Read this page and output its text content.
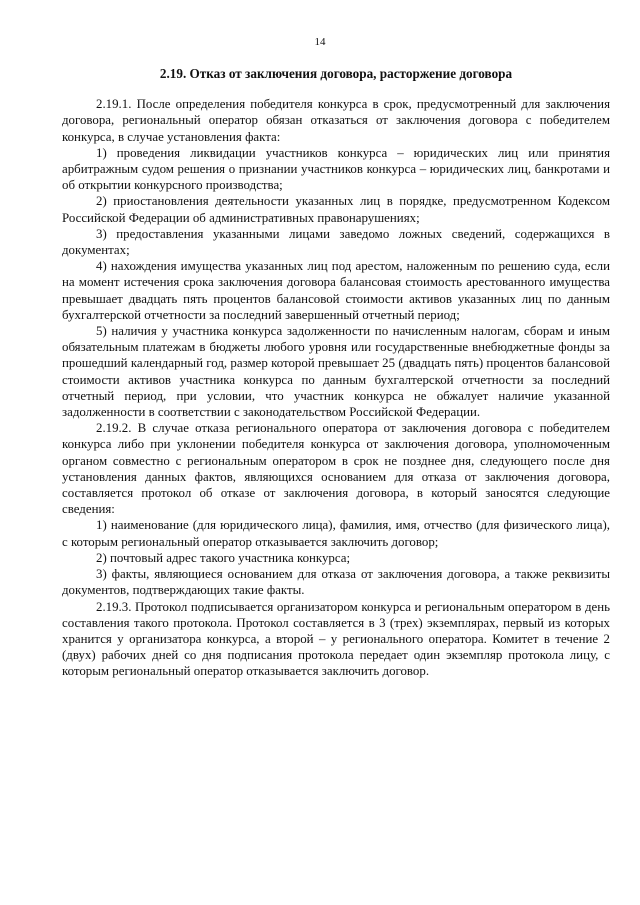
14
2.19. Отказ от заключения договора, расторжение договора

2.19.1. После определения победителя конкурса в срок, предусмотренный для заключения договора, региональный оператор обязан отказаться от заключения договора с победителем конкурса, в случае установления факта:

1) проведения ликвидации участников конкурса – юридических лиц или принятия арбитражным судом решения о признании участников конкурса – юридических лиц, банкротами и об открытии конкурсного производства;

2) приостановления деятельности указанных лиц в порядке, предусмотренном Кодексом Российской Федерации об административных правонарушениях;

3) предоставления указанными лицами заведомо ложных сведений, содержащихся в документах;

4) нахождения имущества указанных лиц под арестом, наложенным по решению суда, если на момент истечения срока заключения договора балансовая стоимость арестованного имущества превышает двадцать пять процентов балансовой стоимости активов указанных лиц по данным бухгалтерской отчетности за последний завершенный отчетный период;

5) наличия у участника конкурса задолженности по начисленным налогам, сборам и иным обязательным платежам в бюджеты любого уровня или государственные внебюджетные фонды за прошедший календарный год, размер которой превышает 25 (двадцать пять) процентов балансовой стоимости активов участника конкурса по данным бухгалтерской отчетности за последний отчетный период, при условии, что участник конкурса не обжалует наличие указанной задолженности в соответствии с законодательством Российской Федерации.

2.19.2. В случае отказа регионального оператора от заключения договора с победителем конкурса либо при уклонении победителя конкурса от заключения договора, уполномоченным органом совместно с региональным оператором в срок не позднее дня, следующего после дня установления данных фактов, являющихся основанием для отказа от заключения договора, составляется протокол об отказе от заключения договора, в который заносятся следующие сведения:

1) наименование (для юридического лица), фамилия, имя, отчество (для физического лица), с которым региональный оператор отказывается заключить договор;

2) почтовый адрес такого участника конкурса;

3) факты, являющиеся основанием для отказа от заключения договора, а также реквизиты документов, подтверждающих такие факты.

2.19.3. Протокол подписывается организатором конкурса и региональным оператором в день составления такого протокола. Протокол составляется в 3 (трех) экземплярах, первый из которых хранится у организатора конкурса, а второй – у регионального оператора. Комитет в течение 2 (двух) рабочих дней со дня подписания протокола передает один экземпляр протокола лицу, с которым региональный оператор отказывается заключить договор.
